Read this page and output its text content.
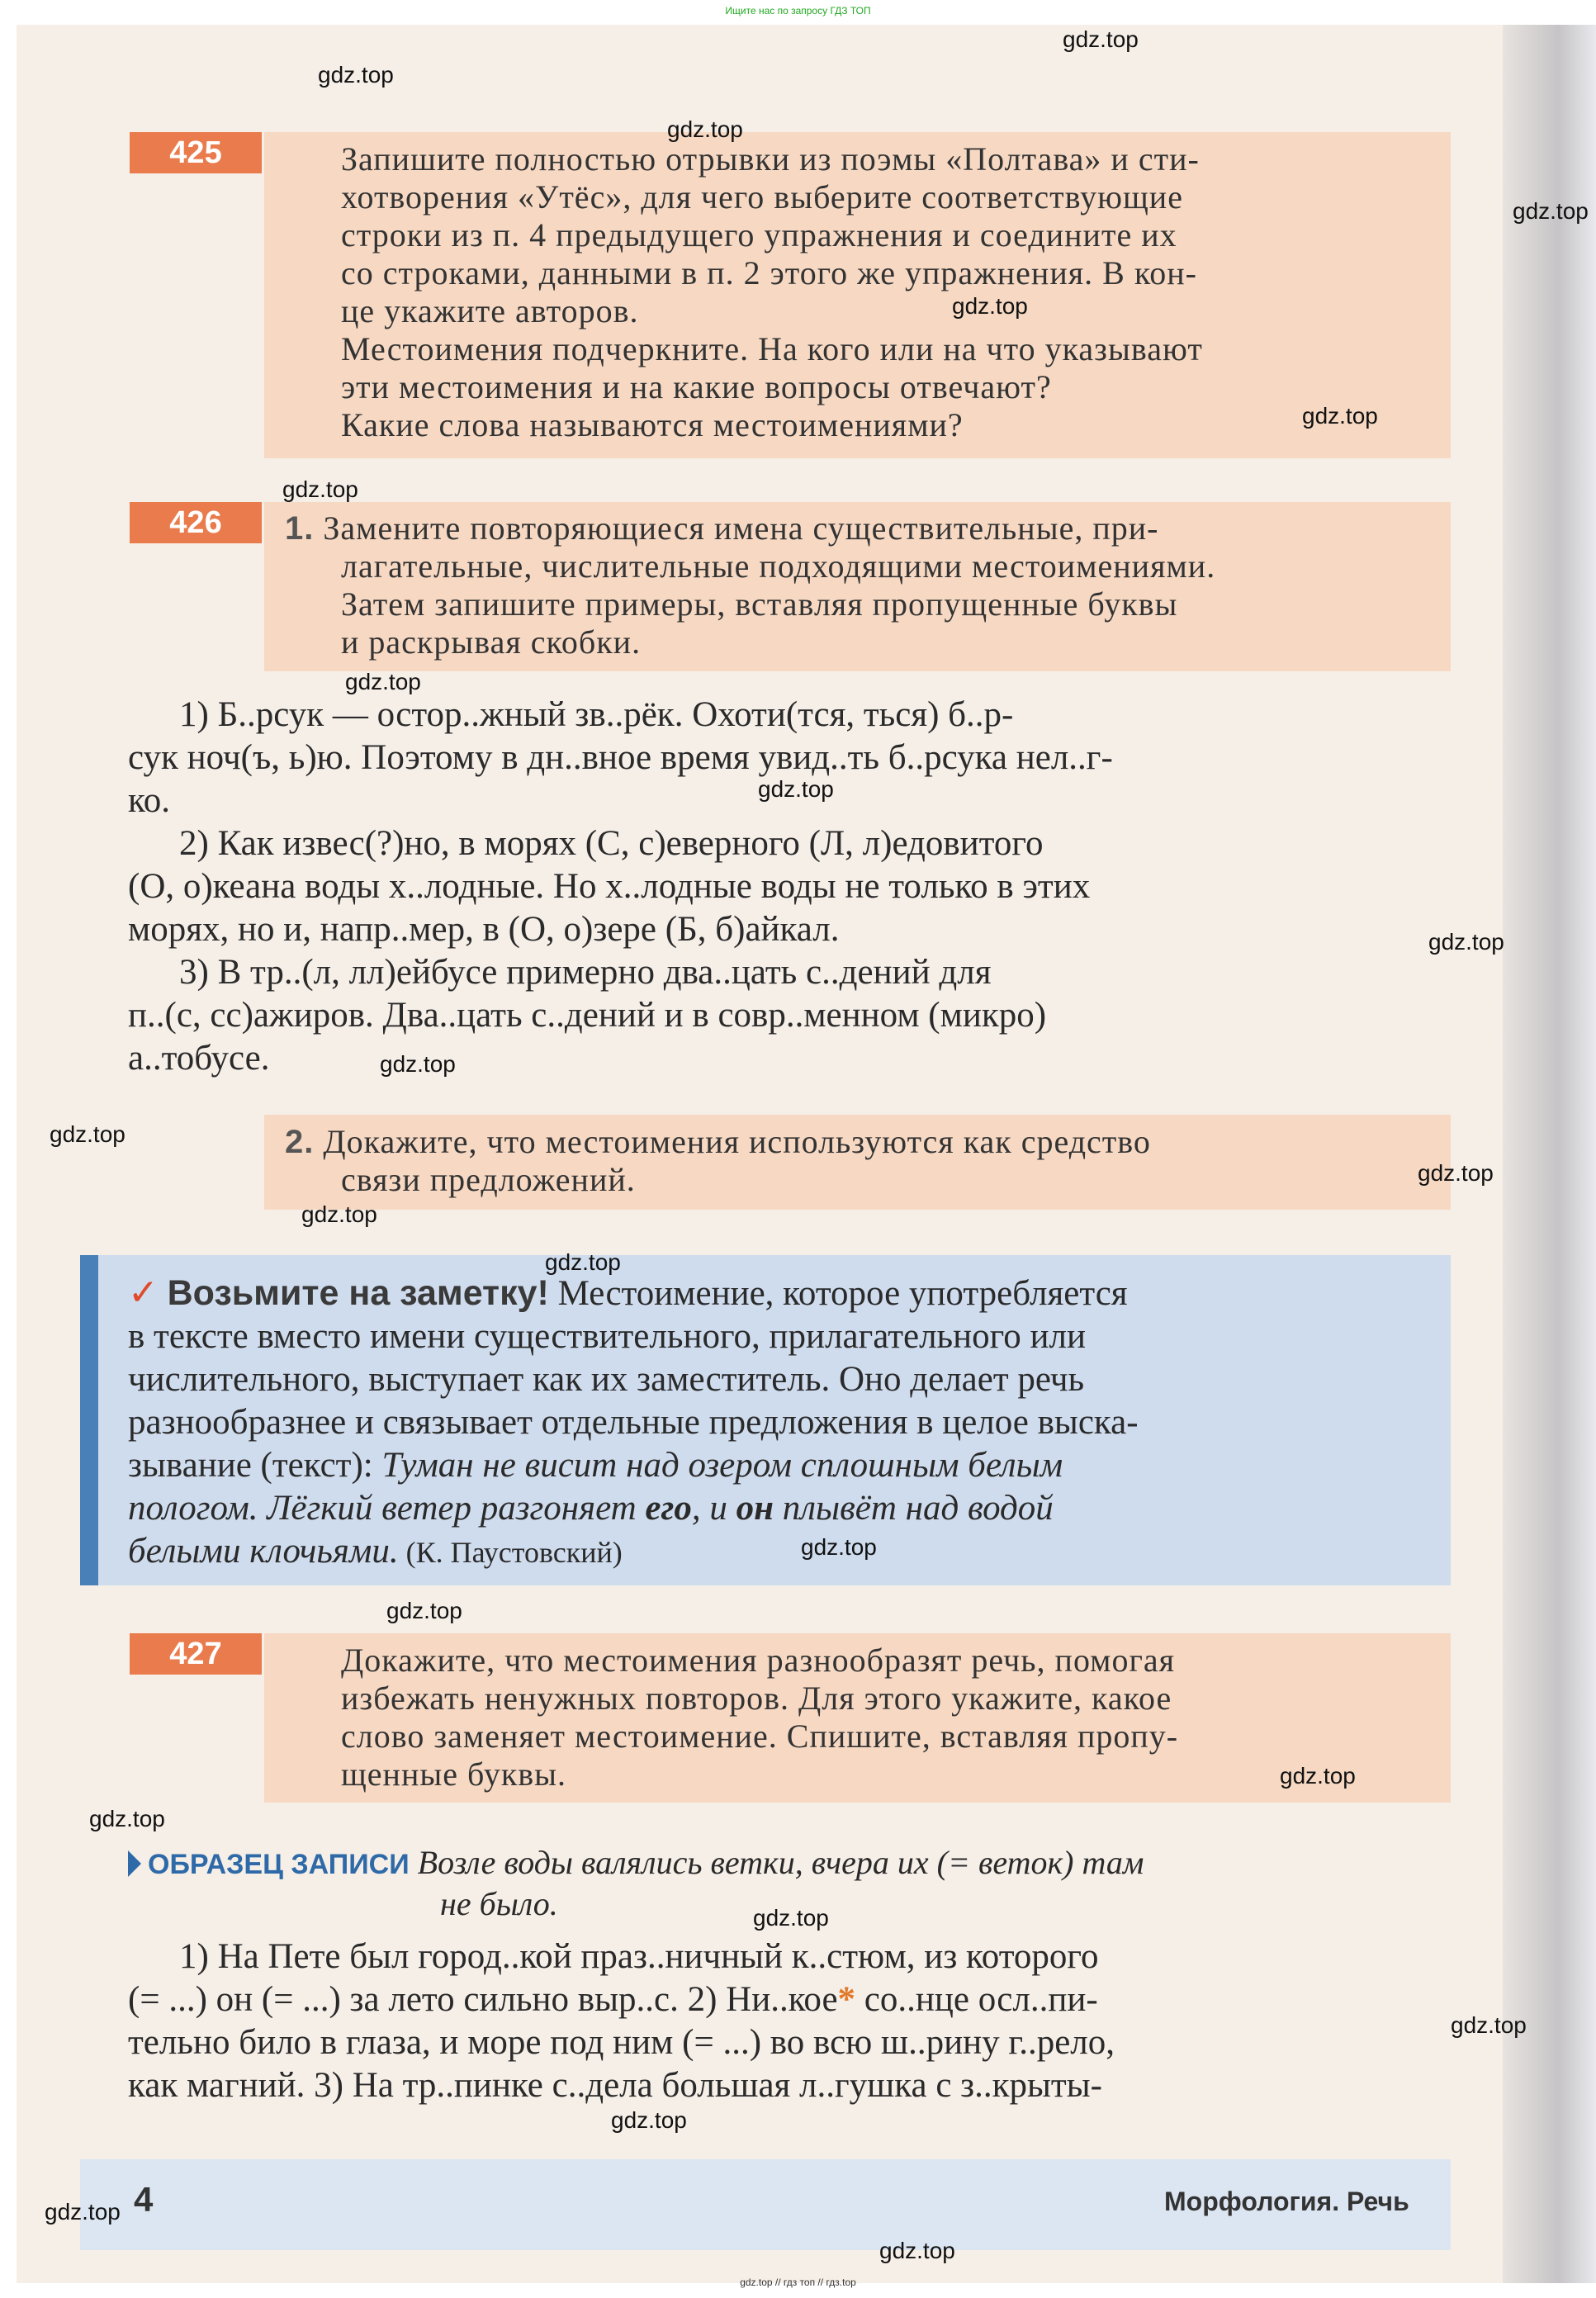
Ищите нас по запросу ГДЗ ТОП
425	Запишите полностью отрывки из поэмы «Полтава» и сти-
хотворения «Утёс», для чего выберите соответствующие
строки из п. 4 предыдущего упражнения и соедините их
со строками, данными в п. 2 этого же упражнения. В кон-
це укажите авторов.
Местоимения подчеркните. На кого или на что указывают
эти местоимения и на какие вопросы отвечают?
Какие слова называются местоимениями?
426	1. Замените повторяющиеся имена существительные, при-
лагательные, числительные подходящими местоимениями.
Затем запишите примеры, вставляя пропущенные буквы
и раскрывая скобки.

1) Б..рсук — остор..жный зв..рёк. Охоти(тся, ться) б..р-

сук ноч(ъ, ь)ю. Поэтому в дн..вное время увид..ть б..рсука нел..г-

ко.

2) Как извес(?)но, в морях (С, с)еверного (Л, л)едовитого

(О, о)кеана воды х..лодные. Но х..лодные воды не только в этих

морях, но и, напр..мер, в (О, о)зере (Б, б)айкал.

3) В тр..(л, лл)ейбусе примерно два..цать с..дений для

п..(с, сс)ажиров. Два..цать с..дений и в совр..менном (микро)

а..тобусе.

2. Докажите, что местоимения используются как средство
связи предложений.
✓ Возьмите на заметку! Местоимение, которое употребляется
в тексте вместо имени существительного, прилагательного или
числительного, выступает как их заместитель. Оно делает речь
разнообразнее и связывает отдельные предложения в целое выска-
зывание (текст): Туман не висит над озером сплошным белым
пологом. Лёгкий ветер разгоняет его, и он плывёт над водой
белыми клочьями. (К. Паустовский)
427	Докажите, что местоимения разнообразят речь, помогая
избежать ненужных повторов. Для этого укажите, какое
слово заменяет местоимение. Спишите, вставляя пропу-
щенные буквы.
ОБРАЗЕЦ ЗАПИСИ Возле воды валялись ветки, вчера их (= веток) там
не было.

1) На Пете был город..кой праз..ничный к..стюм, из которого

(= ...) он (= ...) за лето сильно выр..с. 2) Ни..кое* со..нце осл..пи-

тельно било в глаза, и море под ним (= ...) во всю ш..рину г..рело,

как магний. 3) На тр..пинке с..дела большая л..гушка с з..крыты-

4	Морфология. Речь
gdz.top
gdz.top
gdz.top
gdz.top
gdz.top
gdz.top
gdz.top
gdz.top
gdz.top
gdz.top
gdz.top
gdz.top
gdz.top
gdz.top
gdz.top
gdz.top
gdz.top
gdz.top
gdz.top
gdz.top
gdz.top
gdz.top
gdz.top
gdz.top
gdz.top // гдз топ // гдз.top
